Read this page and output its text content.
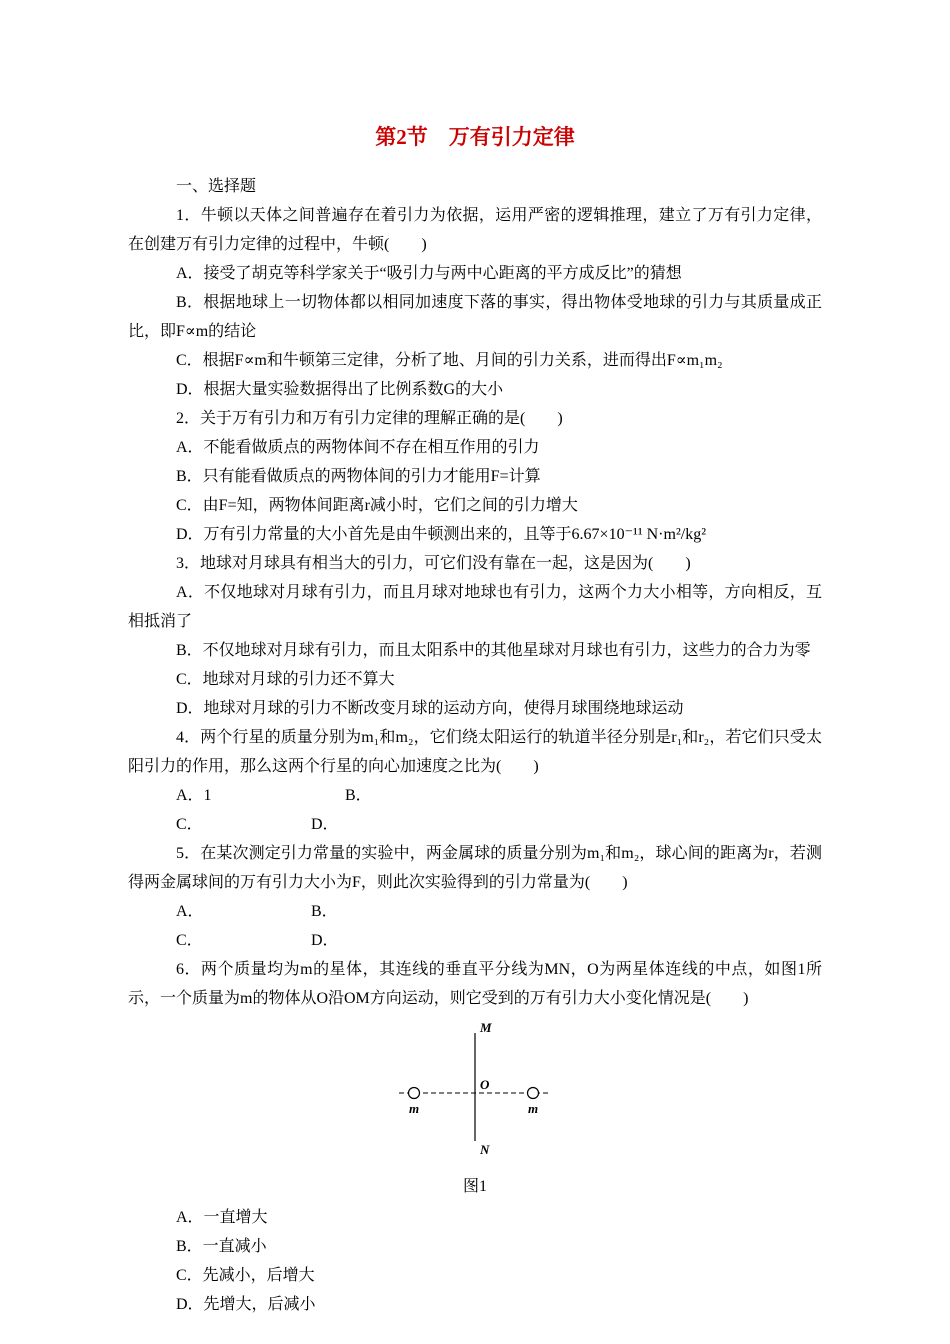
第2节　万有引力定律

一、选择题

1．牛顿以天体之间普遍存在着引力为依据，运用严密的逻辑推理，建立了万有引力定律，在创建万有引力定律的过程中，牛顿(　　)

A．接受了胡克等科学家关于“吸引力与两中心距离的平方成反比”的猜想

B．根据地球上一切物体都以相同加速度下落的事实，得出物体受地球的引力与其质量成正比，即F∝m的结论

C．根据F∝m和牛顿第三定律，分析了地、月间的引力关系，进而得出F∝m₁m₂

D．根据大量实验数据得出了比例系数G的大小

2．关于万有引力和万有引力定律的理解正确的是(　　)

A．不能看做质点的两物体间不存在相互作用的引力

B．只有能看做质点的两物体间的引力才能用F=计算

C．由F=知，两物体间距离r减小时，它们之间的引力增大

D．万有引力常量的大小首先是由牛顿测出来的，且等于6.67×10⁻¹¹ N·m²/kg²

3．地球对月球具有相当大的引力，可它们没有靠在一起，这是因为(　　)

A．不仅地球对月球有引力，而且月球对地球也有引力，这两个力大小相等，方向相反，互相抵消了

B．不仅地球对月球有引力，而且太阳系中的其他星球对月球也有引力，这些力的合力为零

C．地球对月球的引力还不算大

D．地球对月球的引力不断改变月球的运动方向，使得月球围绕地球运动

4．两个行星的质量分别为m₁和m₂，它们绕太阳运行的轨道半径分别是r₁和r₂，若它们只受太阳引力的作用，那么这两个行星的向心加速度之比为(　　)

A．1	B．

C．	D．

5．在某次测定引力常量的实验中，两金属球的质量分别为m₁和m₂，球心间的距离为r，若测得两金属球间的万有引力大小为F，则此次实验得到的引力常量为(　　)

A．	B．

C．	D．

6．两个质量均为m的星体，其连线的垂直平分线为MN，O为两星体连线的中点，如图1所示，一个质量为m的物体从O沿OM方向运动，则它受到的万有引力大小变化情况是(　　)

M
N
O
m	m
图1

A．一直增大

B．一直减小

C．先减小，后增大

D．先增大，后减小
